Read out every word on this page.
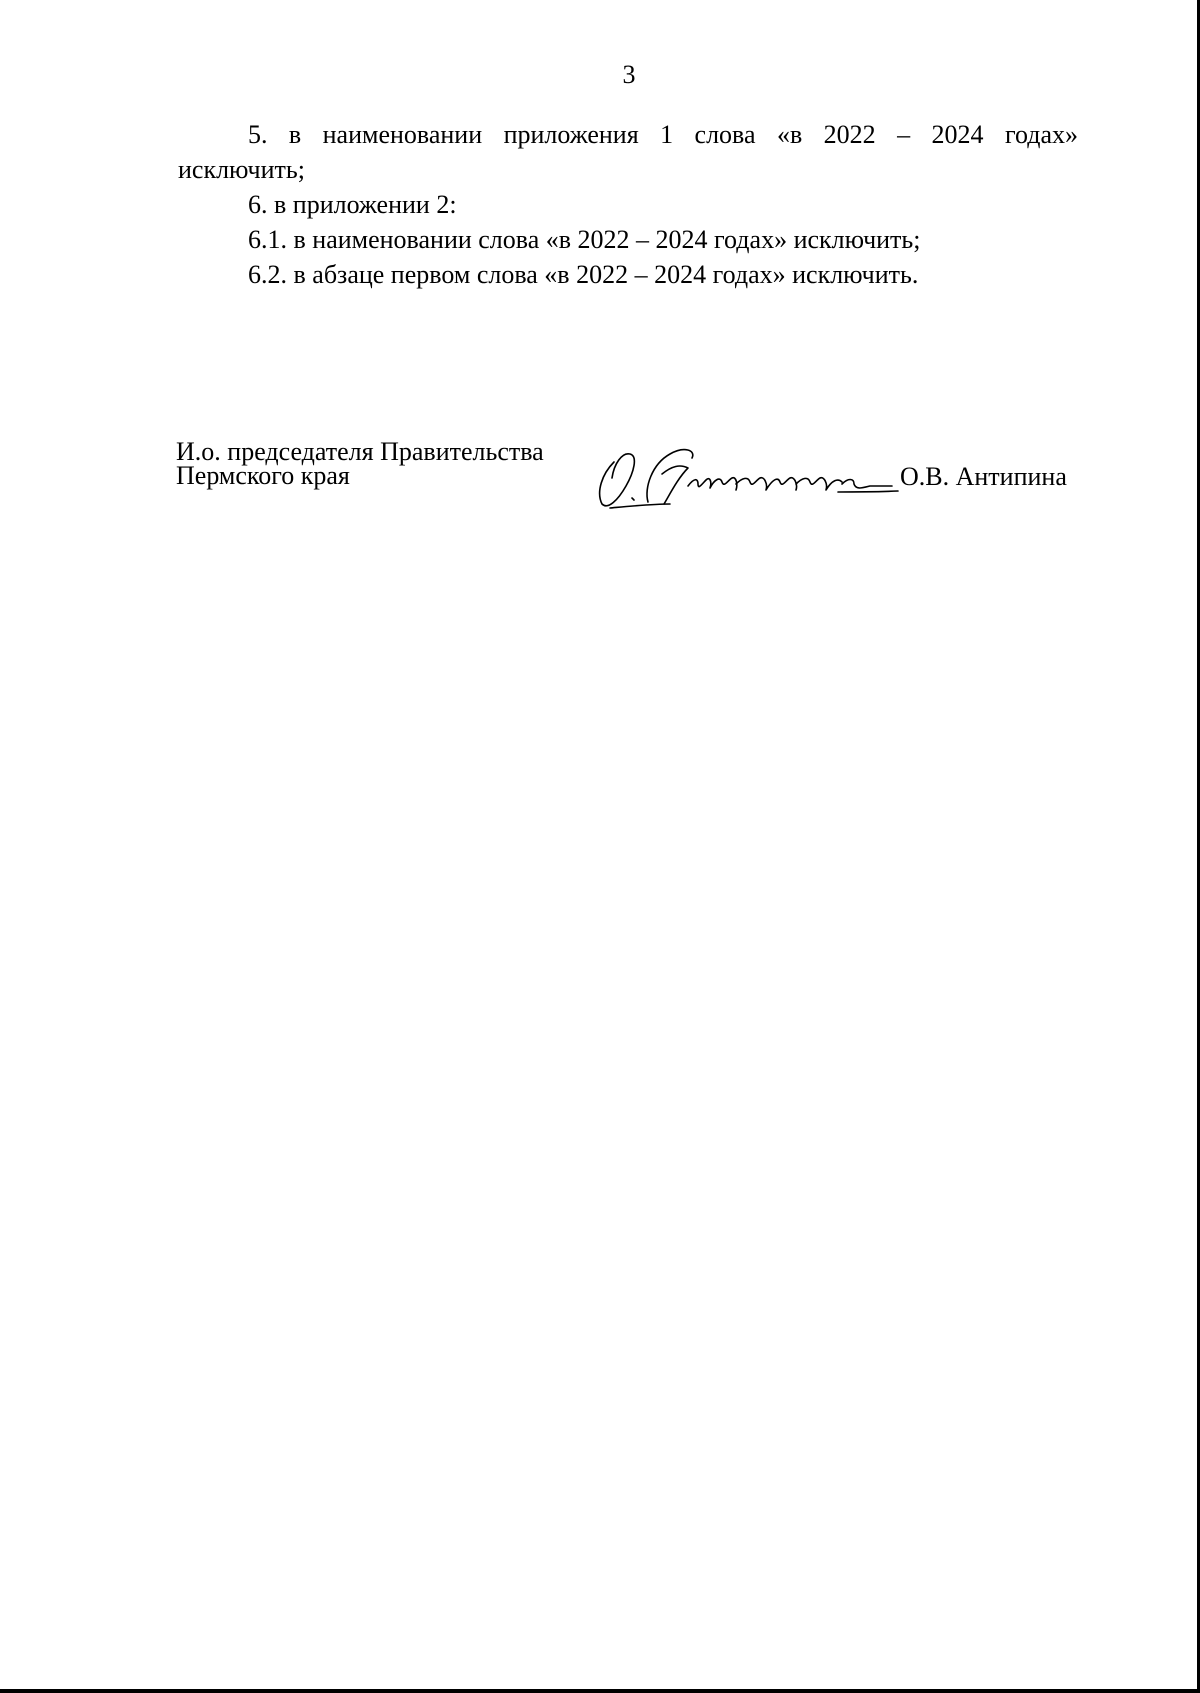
3

5. в наименовании приложения 1 слова «в 2022 – 2024 годах» исключить;

6. в приложении 2:

6.1. в наименовании слова «в 2022 – 2024 годах» исключить;

6.2. в абзаце первом слова «в 2022 – 2024 годах» исключить.

И.о. председателя Правительства
Пермского края	О.В. Антипина
